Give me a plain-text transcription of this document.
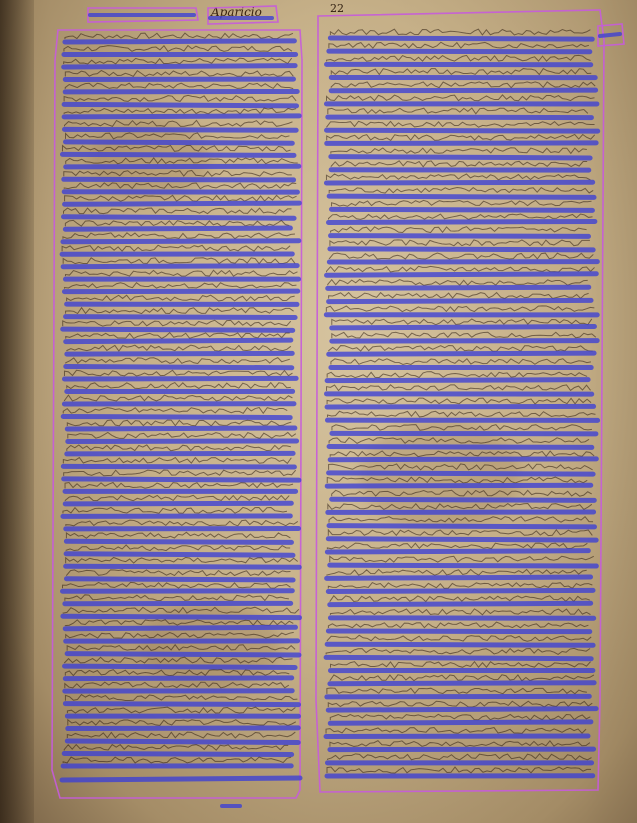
Aparicio	22
